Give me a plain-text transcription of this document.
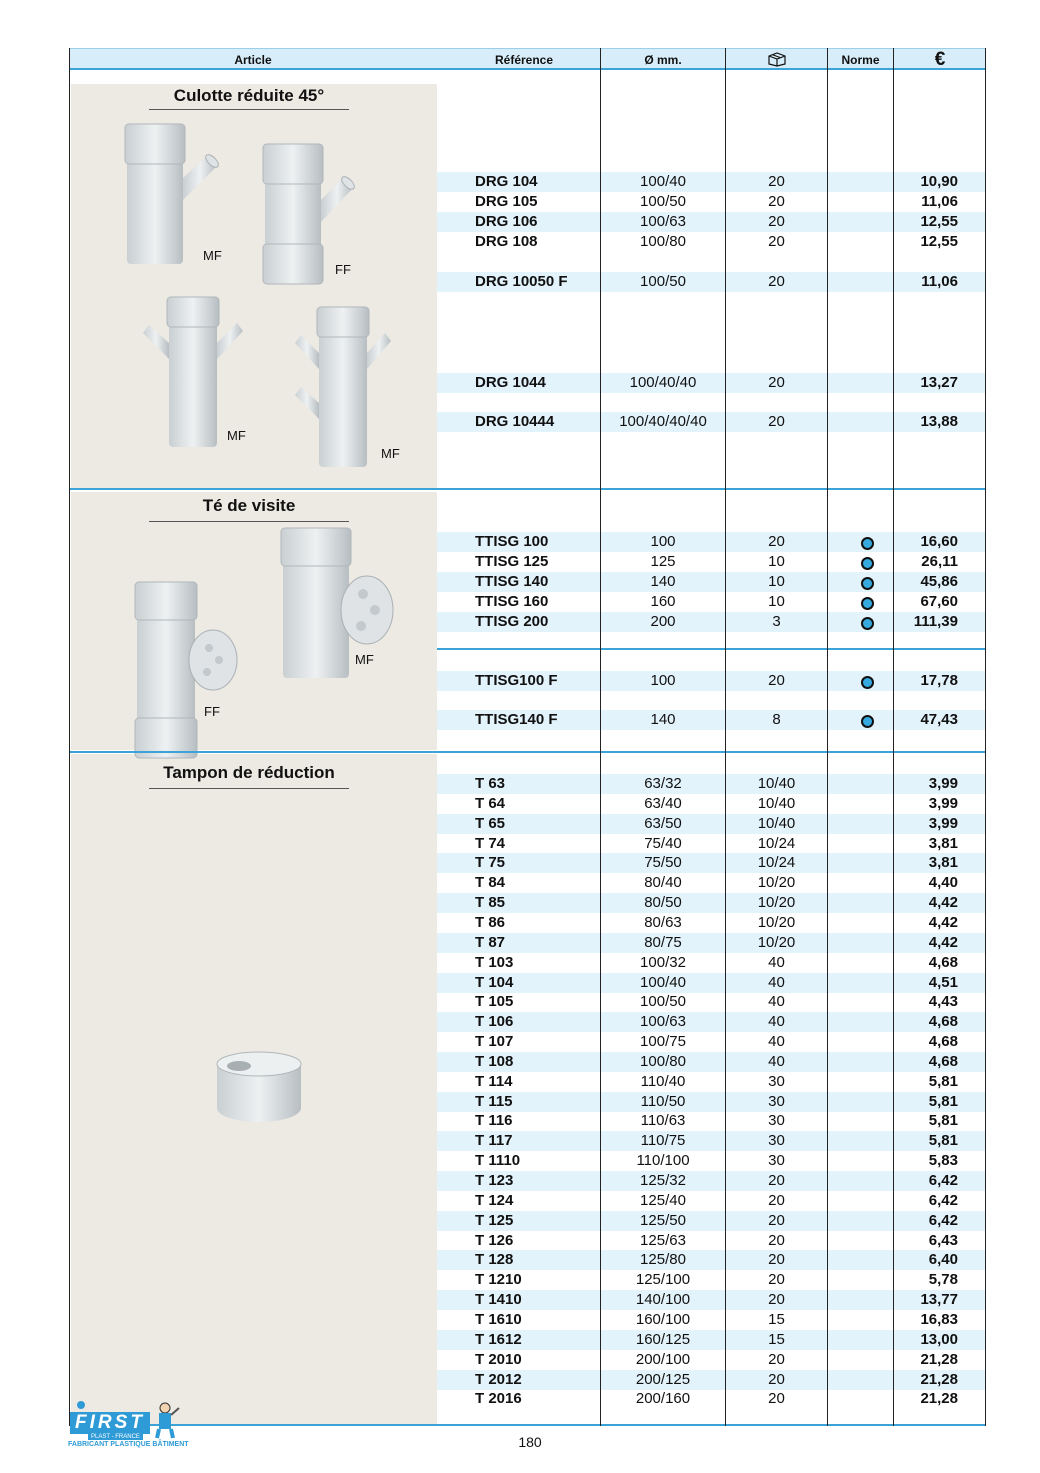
Article	Référence	Ø mm.	Norme	€
Culotte réduite 45°
Té de visite
Tampon de réduction
MF
FF
MF
MF
MF
FF
DRG 104	100/40	20	10,90
DRG 105	100/50	20	11,06
DRG 106	100/63	20	12,55
DRG 108	100/80	20	12,55
DRG 10050 F	100/50	20	11,06
DRG 1044	100/40/40	20	13,27
DRG 10444	100/40/40/40	20	13,88
TTISG 100	100	20	16,60
TTISG 125	125	10	26,11
TTISG 140	140	10	45,86
TTISG 160	160	10	67,60
TTISG 200	200	3	111,39
TTISG100 F	100	20	17,78
TTISG140 F	140	8	47,43
T 63	63/32	10/40	3,99
T 64	63/40	10/40	3,99
T 65	63/50	10/40	3,99
T 74	75/40	10/24	3,81
T 75	75/50	10/24	3,81
T 84	80/40	10/20	4,40
T 85	80/50	10/20	4,42
T 86	80/63	10/20	4,42
T 87	80/75	10/20	4,42
T 103	100/32	40	4,68
T 104	100/40	40	4,51
T 105	100/50	40	4,43
T 106	100/63	40	4,68
T 107	100/75	40	4,68
T 108	100/80	40	4,68
T 114	110/40	30	5,81
T 115	110/50	30	5,81
T 116	110/63	30	5,81
T 117	110/75	30	5,81
T 1110	110/100	30	5,83
T 123	125/32	20	6,42
T 124	125/40	20	6,42
T 125	125/50	20	6,42
T 126	125/63	20	6,43
T 128	125/80	20	6,40
T 1210	125/100	20	5,78
T 1410	140/100	20	13,77
T 1610	160/100	15	16,83
T 1612	160/125	15	13,00
T 2010	200/100	20	21,28
T 2012	200/125	20	21,28
T 2016	200/160	20	21,28
FIRST
PLAST - FRANCE
FABRICANT PLASTIQUE BÂTIMENT	180
